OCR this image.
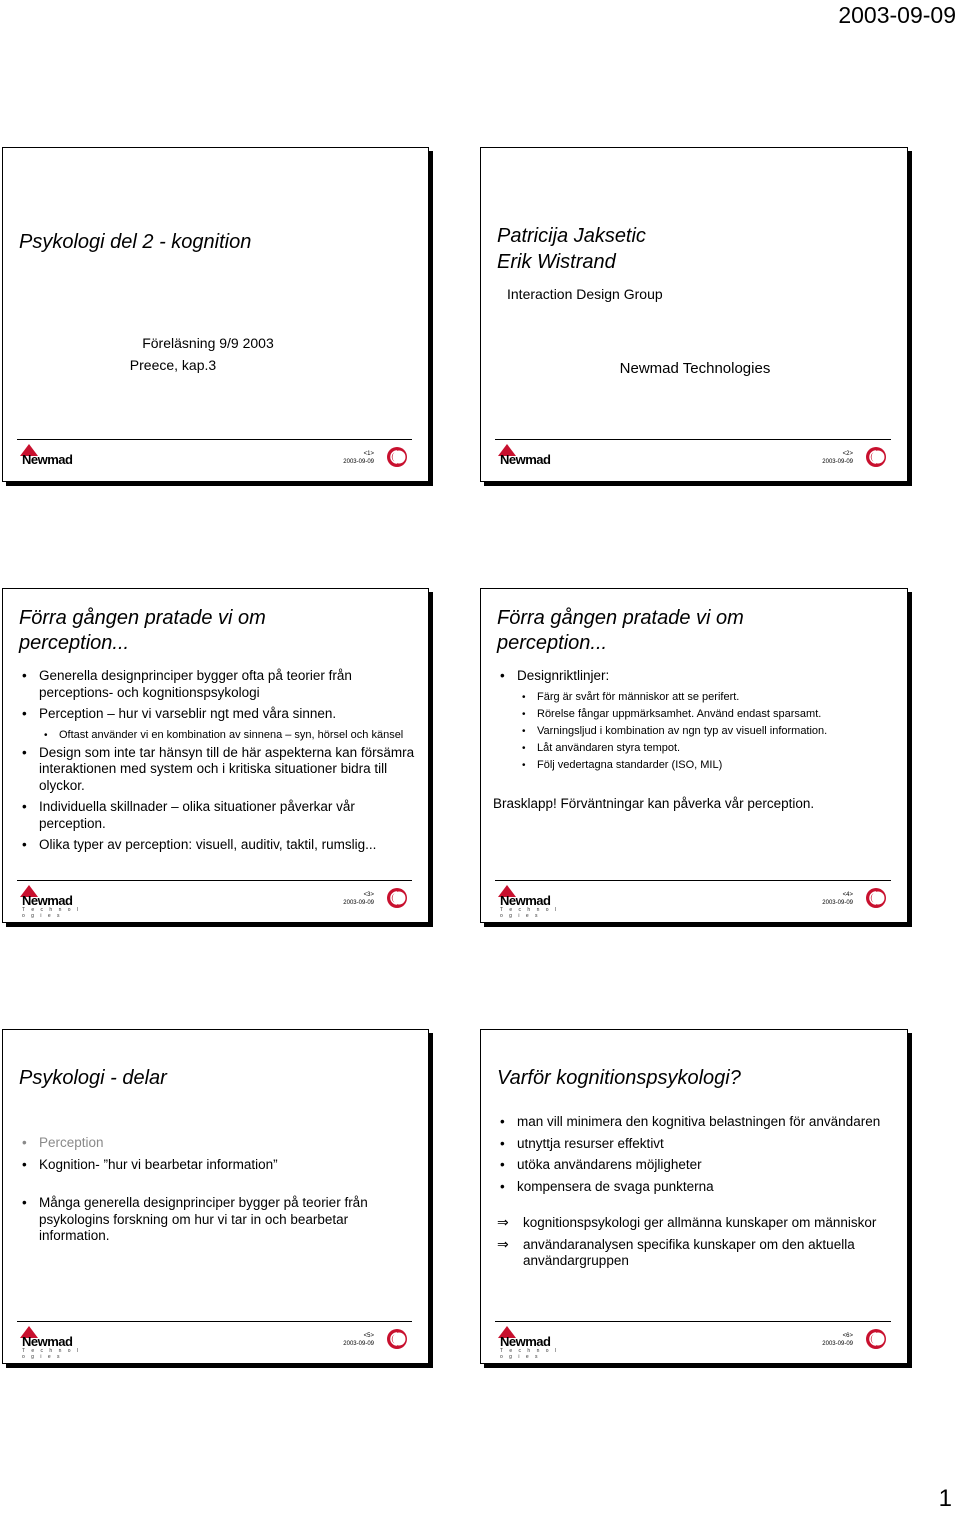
2003-09-09
Psykologi del 2 - kognition
Föreläsning 9/9 2003
Preece, kap.3
Newmad	<1>
2003-09-09
Patricija Jaksetic
Erik Wistrand
Interaction Design Group
Newmad Technologies
Newmad	<2>
2003-09-09
Förra gången pratade vi om
perception...
• Generella designprinciper bygger ofta på teorier från perceptions- och kognitionspsykologi
• Perception – hur vi varseblir ngt med våra sinnen.
• Oftast använder vi en kombination av sinnena – syn, hörsel och känsel
• Design som inte tar hänsyn till de här aspekterna kan försämra interaktionen med system och i kritiska situationer bidra till olyckor.
• Individuella skillnader – olika situationer påverkar vår perception.
• Olika typer av perception: visuell, auditiv, taktil, rumslig...
Newmad
T e c h n o l o g i e s
<3>
2003-09-09
Förra gången pratade vi om
perception...
• Designriktlinjer:
• Färg är svårt för människor att se perifert.
• Rörelse fångar uppmärksamhet. Använd endast sparsamt.
• Varningsljud i kombination av ngn typ av visuell information.
• Låt användaren styra tempot.
• Följ vedertagna standarder (ISO, MIL)
Brasklapp! Förväntningar kan påverka vår perception.
Newmad
T e c h n o l o g i e s
<4>
2003-09-09
Psykologi - delar
• Perception
• Kognition- ”hur vi bearbetar information”
• Många generella designprinciper bygger på teorier från psykologins forskning om hur vi tar in och bearbetar information.
Newmad
T e c h n o l o g i e s
<5>
2003-09-09
Varför kognitionspsykologi?
• man vill minimera den kognitiva belastningen för användaren
• utnyttja resurser effektivt
• utöka användarens möjligheter
• kompensera de svaga punkterna
⇒ kognitionspsykologi ger allmänna kunskaper om människor
⇒ användaranalysen specifika kunskaper om den aktuella användargruppen
Newmad
T e c h n o l o g i e s
<6>
2003-09-09
1
